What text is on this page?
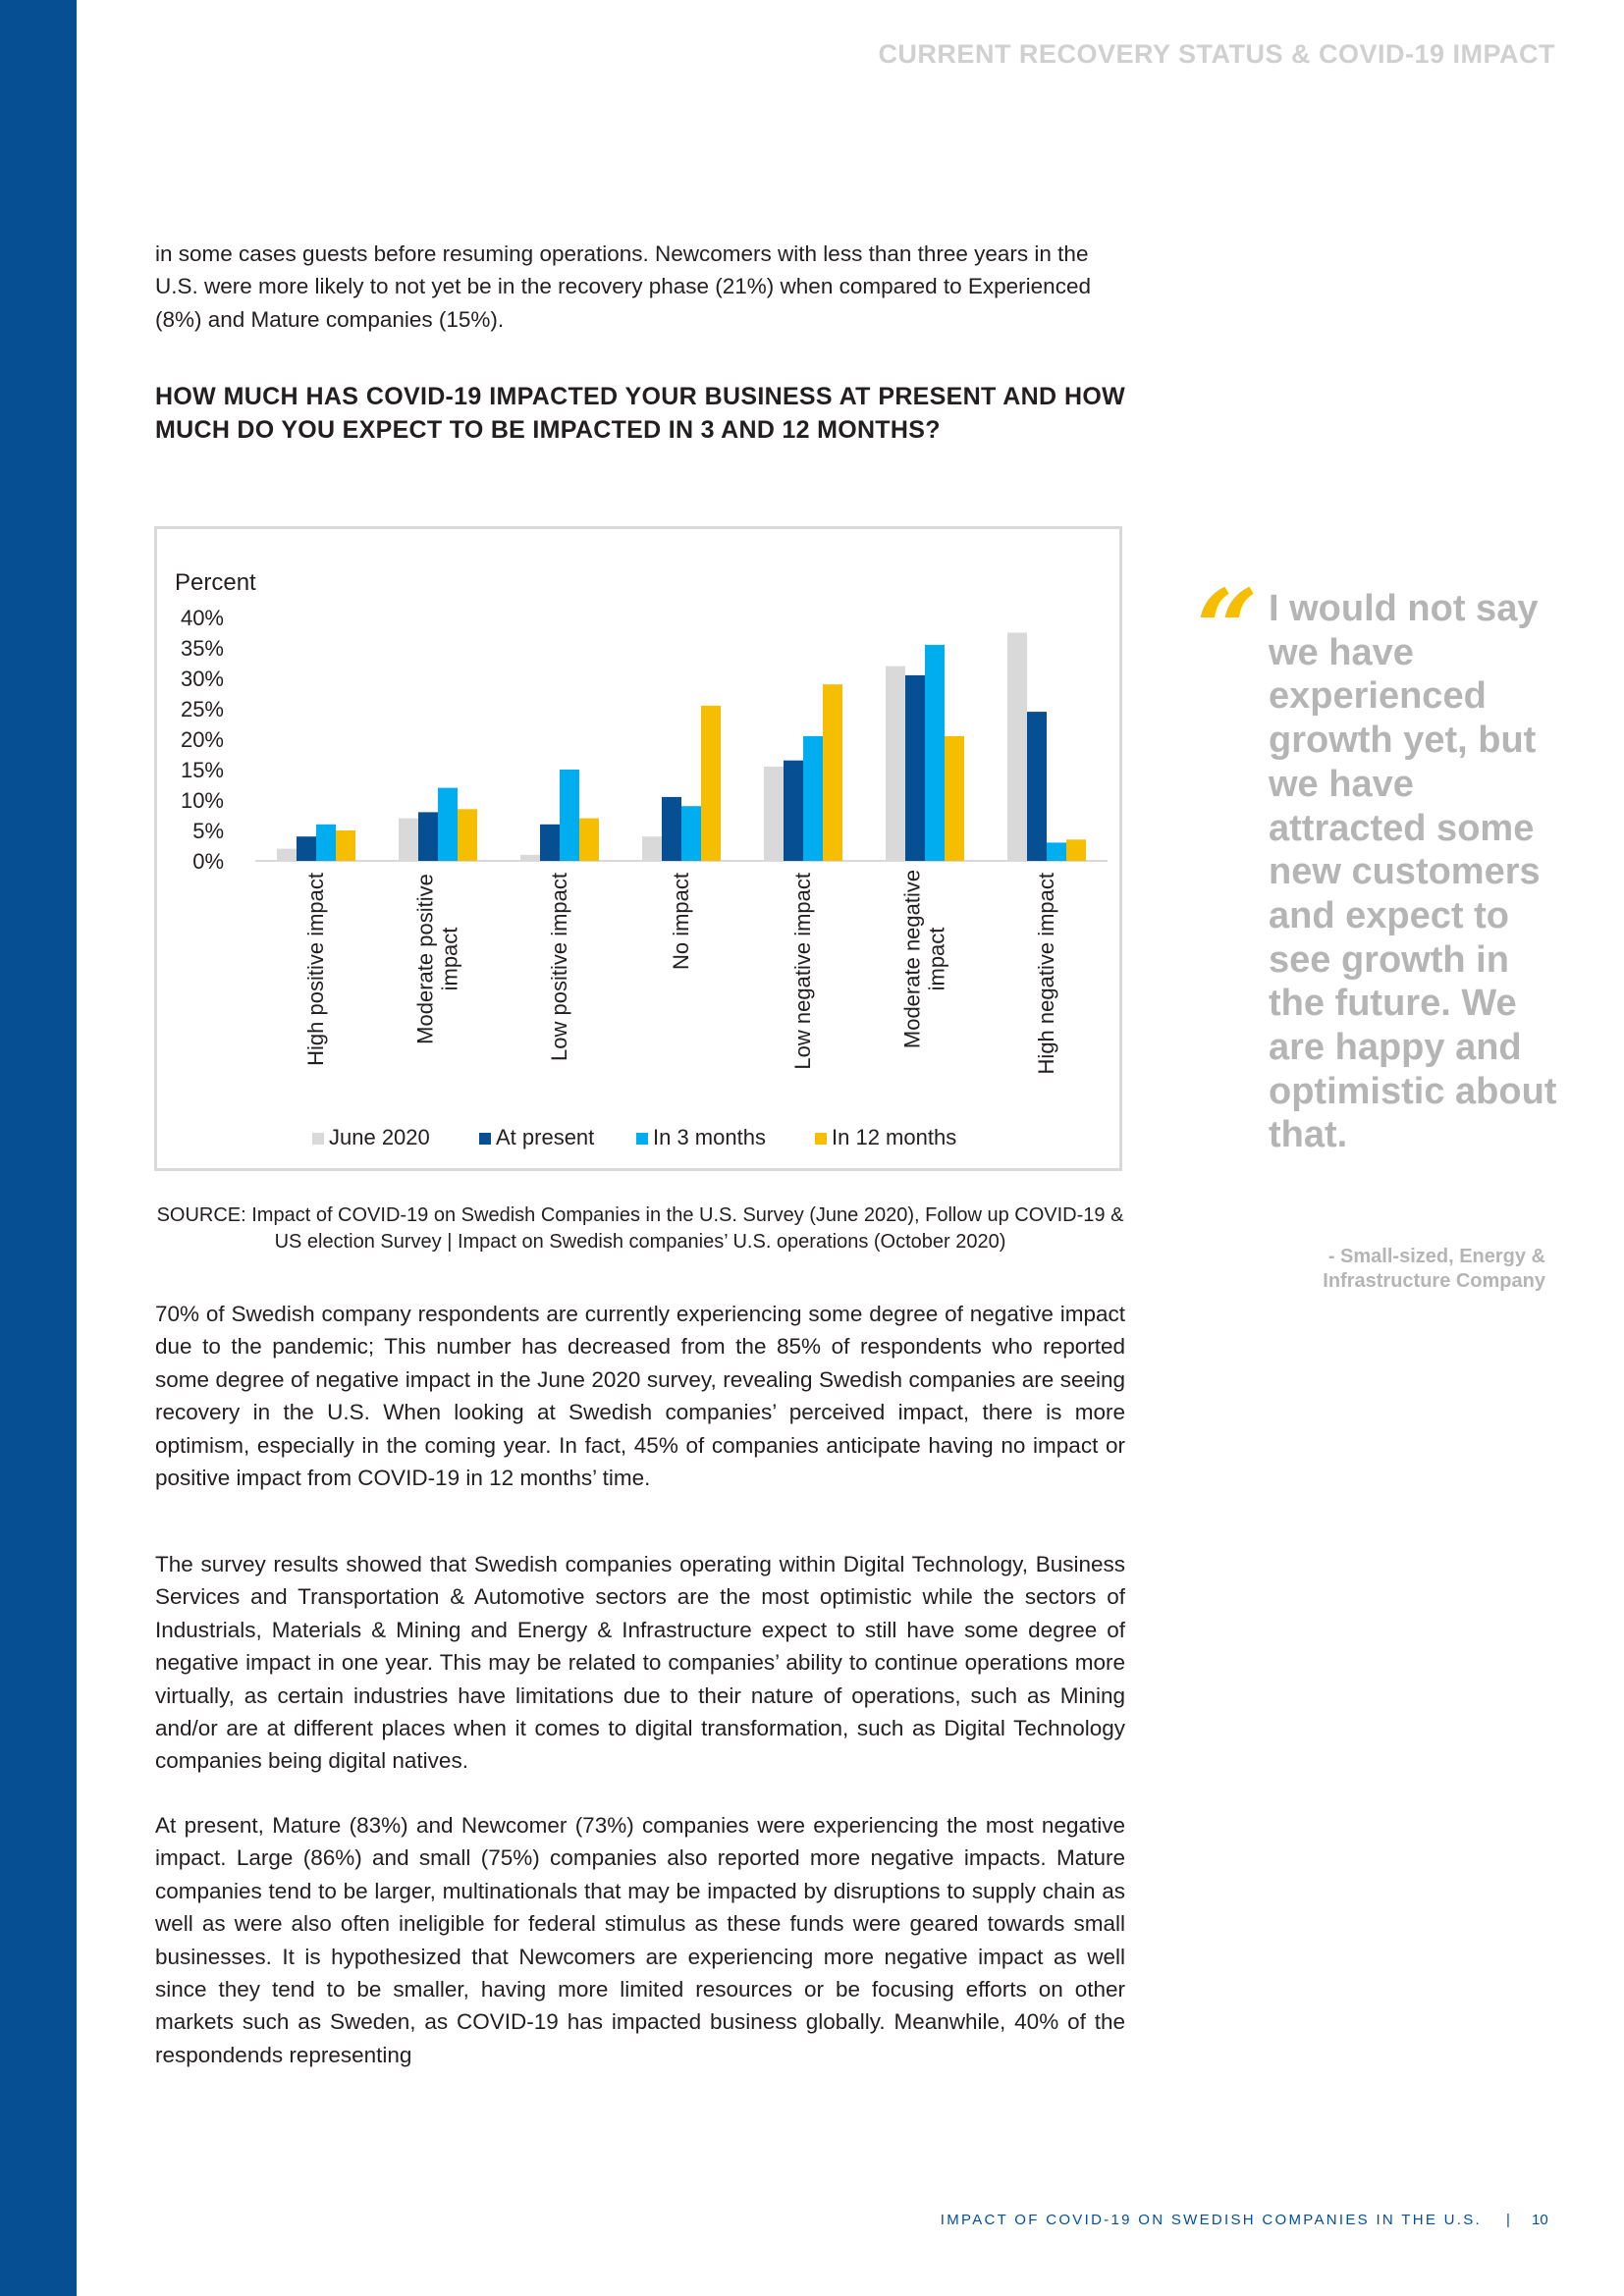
CURRENT RECOVERY STATUS & COVID-19 IMPACT

in some cases guests before resuming operations. Newcomers with less than three years in the U.S. were more likely to not yet be in the recovery phase (21%) when compared to Experienced (8%) and Mature companies (15%).

HOW MUCH HAS COVID-19 IMPACTED YOUR BUSINESS AT PRESENT AND HOW MUCH DO YOU EXPECT TO BE IMPACTED IN 3 AND 12 MONTHS?

Percent
0%
5%
10%
15%
20%
25%
30%
35%
40%
High positive impact	Moderate positiveimpact	Low positive impact	No impact	Low negative impact	Moderate negativeimpact	High negative impact
June 2020	At present	In 3 months	In 12 months

SOURCE: Impact of COVID-19 on Swedish Companies in the U.S. Survey (June 2020), Follow up COVID-19 & US election Survey | Impact on Swedish companies’ U.S. operations (October 2020)

70% of Swedish company respondents are currently experiencing some degree of negative impact due to the pandemic; This number has decreased from the 85% of respondents who reported some degree of negative impact in the June 2020 survey, revealing Swedish companies are seeing recovery in the U.S. When looking at Swedish companies’ perceived impact, there is more optimism, especially in the coming year. In fact, 45% of companies anticipate having no impact or positive impact from COVID-19 in 12 months’ time.

The survey results showed that Swedish companies operating within Digital Technology, Business Services and Transportation & Automotive sectors are the most optimistic while the sectors of Industrials, Materials & Mining and Energy & Infrastructure expect to still have some degree of negative impact in one year. This may be related to companies’ ability to continue operations more virtually, as certain industries have limitations due to their nature of operations, such as Mining and/or are at different places when it comes to digital transformation, such as Digital Technology companies being digital natives.

At present, Mature (83%) and Newcomer (73%) companies were experiencing the most negative impact. Large (86%) and small (75%) companies also reported more negative impacts. Mature companies tend to be larger, multinationals that may be impacted by disruptions to supply chain as well as were also often ineligible for federal stimulus as these funds were geared towards small businesses. It is hypothesized that Newcomers are experiencing more negative impact as well since they tend to be smaller, having more limited resources or be focusing efforts on other markets such as Sweden, as COVID-19 has impacted business globally. Meanwhile, 40% of the respondends representing

“ I would not say we have experienced growth yet, but we have attracted some new customers and expect to see growth in the future. We are happy and optimistic about that.

- Small-sized, Energy & Infrastructure Company

IMPACT OF COVID-19 ON SWEDISH COMPANIES IN THE U.S. | 10
